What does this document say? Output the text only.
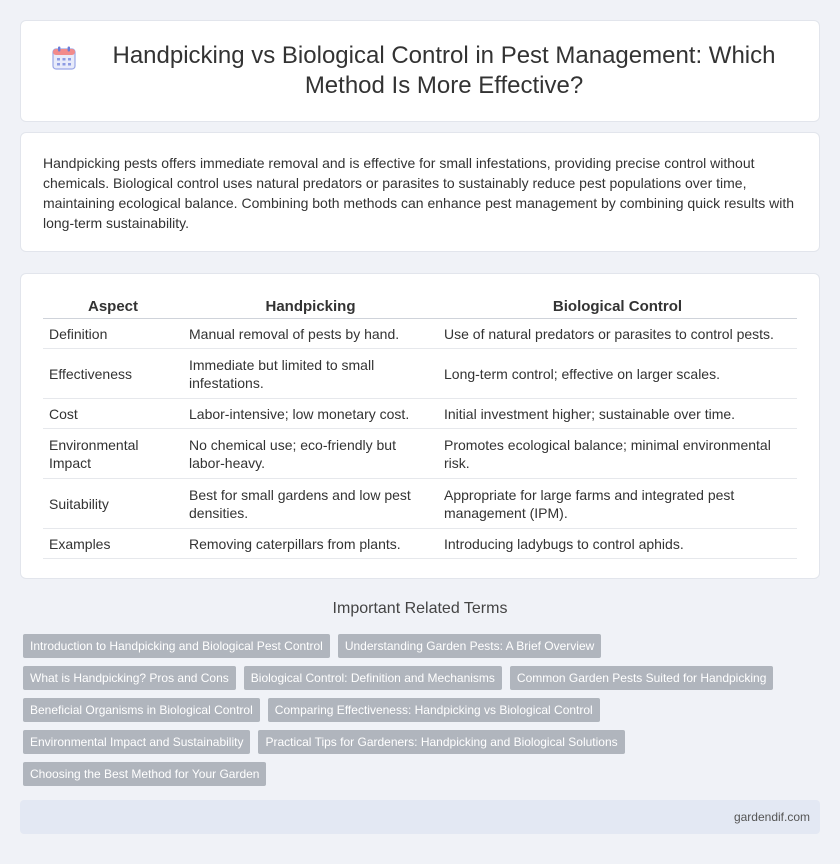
Handpicking vs Biological Control in Pest Management: Which Method Is More Effective?

Handpicking pests offers immediate removal and is effective for small infestations, providing precise control without chemicals. Biological control uses natural predators or parasites to sustainably reduce pest populations over time, maintaining ecological balance. Combining both methods can enhance pest management by combining quick results with long-term sustainability.

Aspect	Handpicking	Biological Control
Definition	Manual removal of pests by hand.	Use of natural predators or parasites to control pests.
Effectiveness	Immediate but limited to small infestations.	Long-term control; effective on larger scales.
Cost	Labor-intensive; low monetary cost.	Initial investment higher; sustainable over time.
Environmental Impact	No chemical use; eco-friendly but labor-heavy.	Promotes ecological balance; minimal environmental risk.
Suitability	Best for small gardens and low pest densities.	Appropriate for large farms and integrated pest management (IPM).
Examples	Removing caterpillars from plants.	Introducing ladybugs to control aphids.
Important Related Terms
Introduction to Handpicking and Biological Pest Control	Understanding Garden Pests: A Brief Overview
What is Handpicking? Pros and Cons	Biological Control: Definition and Mechanisms	Common Garden Pests Suited for Handpicking
Beneficial Organisms in Biological Control	Comparing Effectiveness: Handpicking vs Biological Control
Environmental Impact and Sustainability	Practical Tips for Gardeners: Handpicking and Biological Solutions
Choosing the Best Method for Your Garden
gardendif.com
